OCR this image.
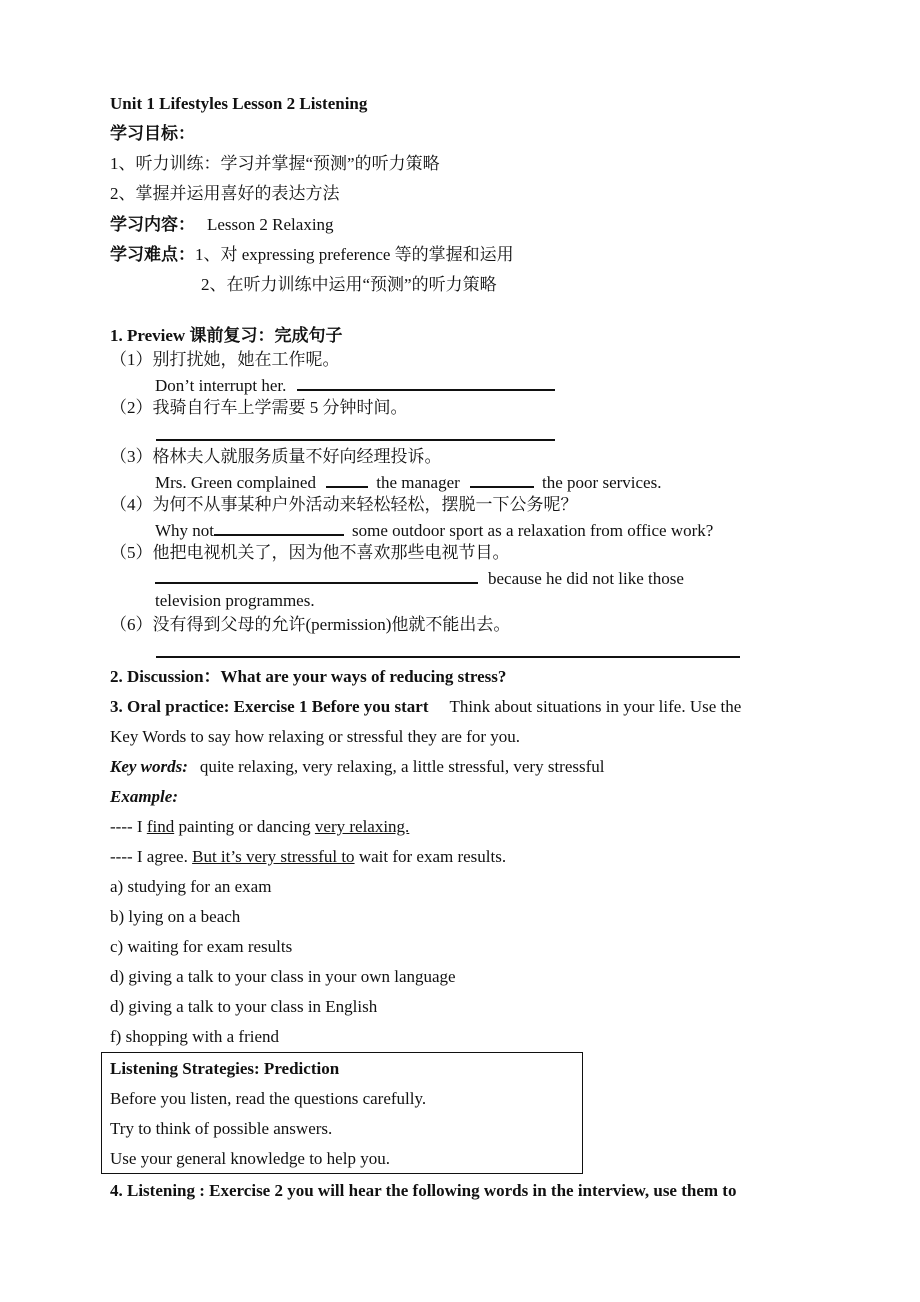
Unit 1 Lifestyles Lesson 2 Listening
学习目标：
1、听力训练：学习并掌握“预测”的听力策略
2、掌握并运用喜好的表达方法
学习内容： Lesson 2 Relaxing
学习难点：1、对 expressing preference 等的掌握和运用
2、在听力训练中运用“预测”的听力策略
1. Preview 课前复习：完成句子
（1）别打扰她，她在工作呢。
Don’t interrupt her.
（2）我骑自行车上学需要 5 分钟时间。
（3）格林夫人就服务质量不好向经理投诉。
Mrs. Green complained	the manager	the poor services.
（4）为何不从事某种户外活动来轻松轻松，摆脱一下公务呢？
Why not	some outdoor sport as a relaxation from office work?
（5）他把电视机关了，因为他不喜欢那些电视节目。
because he did not like those
television programmes.
（6）没有得到父母的允许(permission)他就不能出去。
2. Discussion：What are your ways of reducing stress?
3. Oral practice: Exercise 1 Before you start Think about situations in your life. Use the
Key Words to say how relaxing or stressful they are for you.
Key words: quite relaxing, very relaxing, a little stressful, very stressful
Example:
---- I find painting or dancing very relaxing.
---- I agree. But it’s very stressful to wait for exam results.
a) studying for an exam
b) lying on a beach
c) waiting for exam results
d) giving a talk to your class in your own language
d) giving a talk to your class in English
f) shopping with a friend
Listening Strategies: Prediction
Before you listen, read the questions carefully.
Try to think of possible answers.
Use your general knowledge to help you.
4. Listening : Exercise 2 you will hear the following words in the interview, use them to
